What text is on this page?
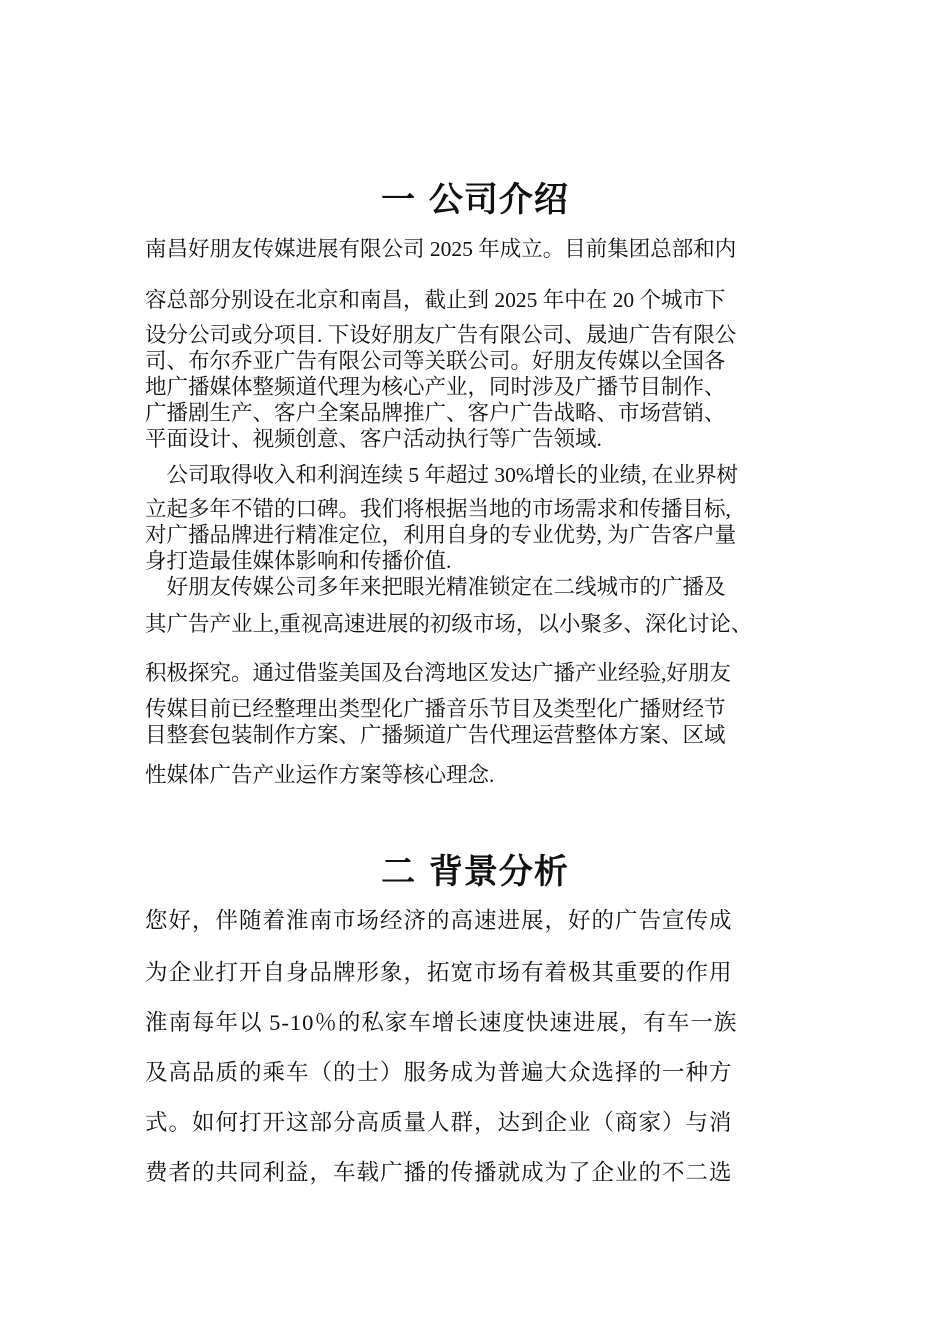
一 公司介绍
南昌好朋友传媒进展有限公司 2025 年成立。目前集团总部和内
容总部分别设在北京和南昌，截止到 2025 年中在 20 个城市下
设分公司或分项目. 下设好朋友广告有限公司、晟迪广告有限公
司、布尔乔亚广告有限公司等关联公司。好朋友传媒以全国各
地广播媒体整频道代理为核心产业，同时涉及广播节目制作、
广播剧生产、客户全案品牌推广、客户广告战略、市场营销、
平面设计、视频创意、客户活动执行等广告领域.
　公司取得收入和利润连续 5 年超过 30%增长的业绩, 在业界树
立起多年不错的口碑。我们将根据当地的市场需求和传播目标,
对广播品牌进行精准定位，利用自身的专业优势, 为广告客户量
身打造最佳媒体影响和传播价值.
　好朋友传媒公司多年来把眼光精准锁定在二线城市的广播及
其广告产业上,重视高速进展的初级市场，以小聚多、深化讨论、
积极探究。通过借鉴美国及台湾地区发达广播产业经验,好朋友
传媒目前已经整理出类型化广播音乐节目及类型化广播财经节
目整套包装制作方案、广播频道广告代理运营整体方案、区域
性媒体广告产业运作方案等核心理念.
二 背景分析
您好，伴随着淮南市场经济的高速进展，好的广告宣传成
为企业打开自身品牌形象，拓宽市场有着极其重要的作用
淮南每年以 5-10％的私家车增长速度快速进展，有车一族
及高品质的乘车（的士）服务成为普遍大众选择的一种方
式。如何打开这部分高质量人群，达到企业（商家）与消
费者的共同利益，车载广播的传播就成为了企业的不二选
